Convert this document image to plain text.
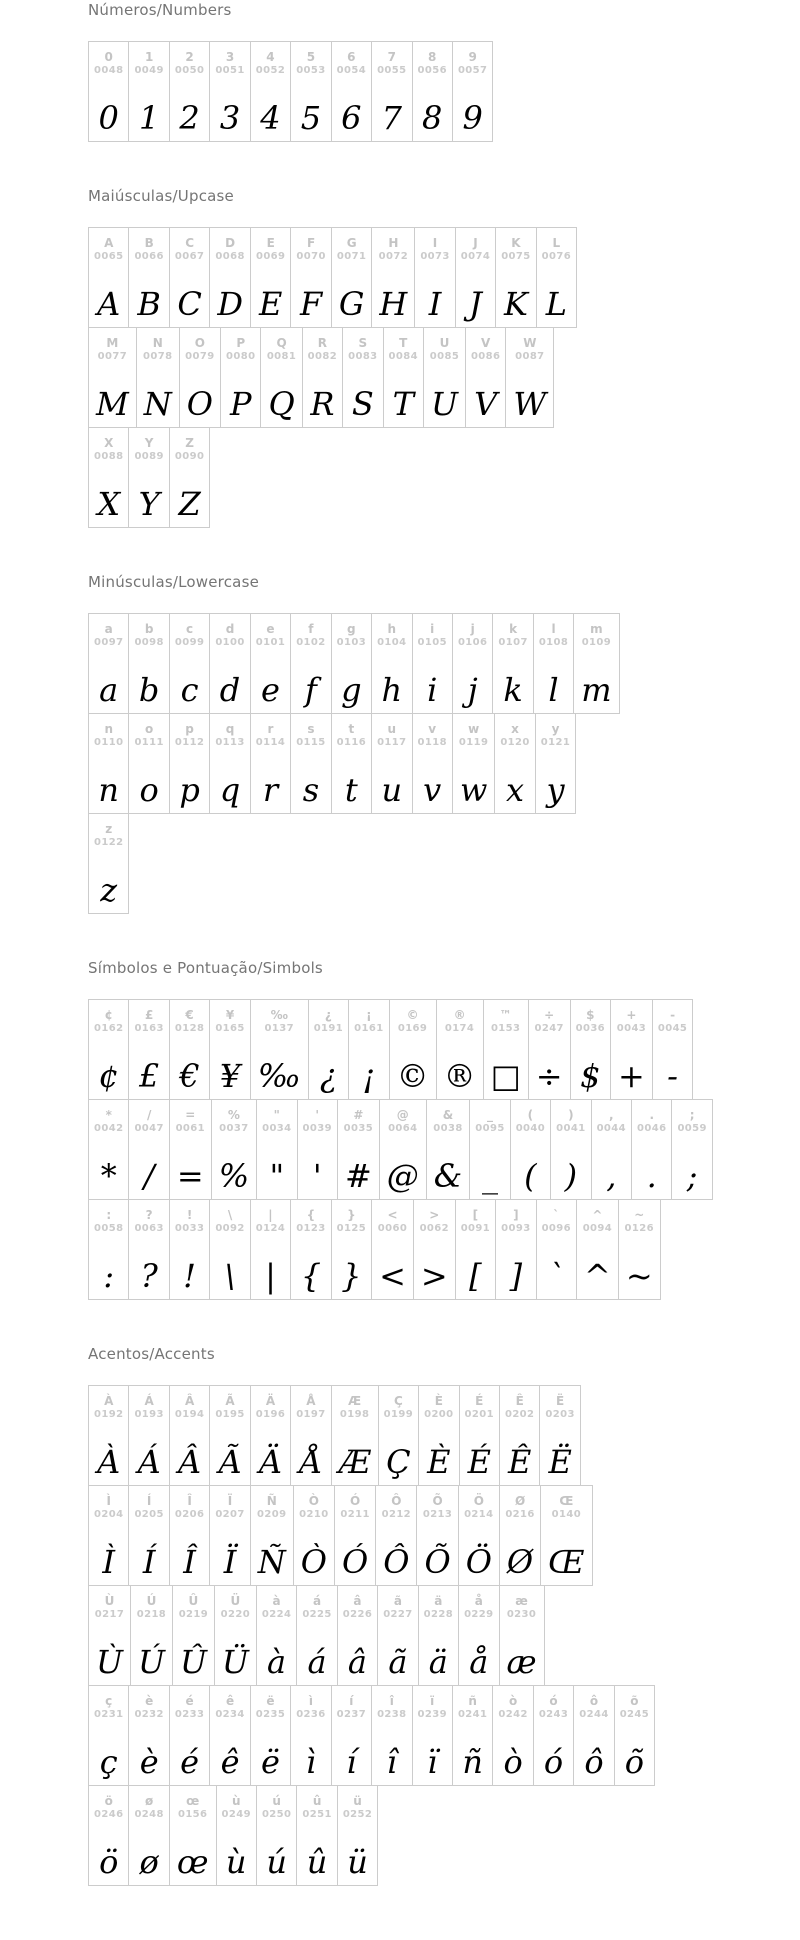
Números/Numbers
0
0048
0
1
0049
1
2
0050
2
3
0051
3
4
0052
4
5
0053
5
6
0054
6
7
0055
7
8
0056
8
9
0057
9
Maiúsculas/Upcase
A
0065
A
B
0066
B
C
0067
C
D
0068
D
E
0069
E
F
0070
F
G
0071
G
H
0072
H
I
0073
I
J
0074
J
K
0075
K
L
0076
L
M
0077
M
N
0078
N
O
0079
O
P
0080
P
Q
0081
Q
R
0082
R
S
0083
S
T
0084
T
U
0085
U
V
0086
V
W
0087
W
X
0088
X
Y
0089
Y
Z
0090
Z
Minúsculas/Lowercase
a
0097
a
b
0098
b
c
0099
c
d
0100
d
e
0101
e
f
0102
f
g
0103
g
h
0104
h
i
0105
i
j
0106
j
k
0107
k
l
0108
l
m
0109
m
n
0110
n
o
0111
o
p
0112
p
q
0113
q
r
0114
r
s
0115
s
t
0116
t
u
0117
u
v
0118
v
w
0119
w
x
0120
x
y
0121
y
z
0122
z
Símbolos e Pontuação/Simbols
¢
0162
¢
£
0163
£
€
0128
€
¥
0165
¥
‰
0137
‰
¿
0191
¿
¡
0161
¡
©
0169
©
®
0174
®
™
0153
□
÷
0247
÷
$
0036
$
+
0043
+
-
0045
-
*
0042
*
/
0047
/
=
0061
=
%
0037
%
"
0034
"
'
0039
'
#
0035
#
@
0064
@
&
0038
&
_
0095
_
(
0040
(
)
0041
)
,
0044
,
.
0046
.
;
0059
;
:
0058
:
?
0063
?
!
0033
!
\
0092
\
|
0124
|
{
0123
{
}
0125
}
<
0060
<
>
0062
>
[
0091
[
]
0093
]
`
0096
`
^
0094
^
~
0126
~
Acentos/Accents
À
0192
À
Á
0193
Á
Â
0194
Â
Ã
0195
Ã
Ä
0196
Ä
Å
0197
Å
Æ
0198
Æ
Ç
0199
Ç
È
0200
È
É
0201
É
Ê
0202
Ê
Ë
0203
Ë
Ì
0204
Ì
Í
0205
Í
Î
0206
Î
Ï
0207
Ï
Ñ
0209
Ñ
Ò
0210
Ò
Ó
0211
Ó
Ô
0212
Ô
Õ
0213
Õ
Ö
0214
Ö
Ø
0216
Ø
Œ
0140
Œ
Ù
0217
Ù
Ú
0218
Ú
Û
0219
Û
Ü
0220
Ü
à
0224
à
á
0225
á
â
0226
â
ã
0227
ã
ä
0228
ä
å
0229
å
æ
0230
æ
ç
0231
ç
è
0232
è
é
0233
é
ê
0234
ê
ë
0235
ë
ì
0236
ì
í
0237
í
î
0238
î
ï
0239
ï
ñ
0241
ñ
ò
0242
ò
ó
0243
ó
ô
0244
ô
õ
0245
õ
ö
0246
ö
ø
0248
ø
œ
0156
œ
ù
0249
ù
ú
0250
ú
û
0251
û
ü
0252
ü
